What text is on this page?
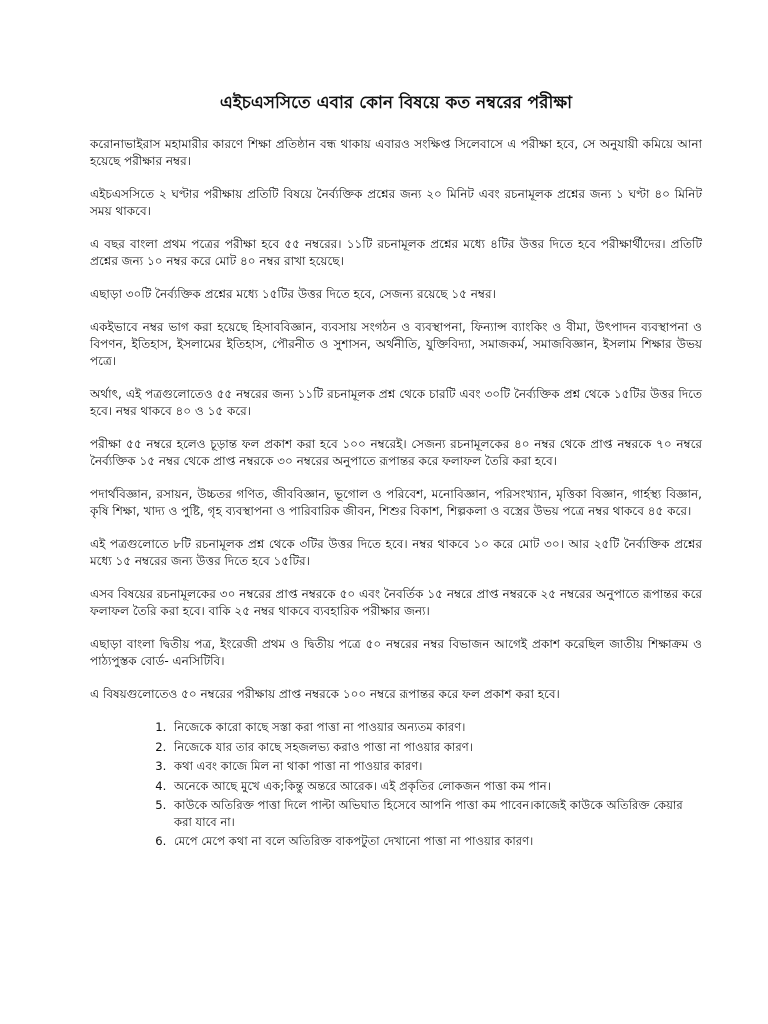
এইচএসসিতে এবার কোন বিষয়ে কত নম্বরের পরীক্ষা

করোনাভাইরাস মহামারীর কারণে শিক্ষা প্রতিষ্ঠান বন্ধ থাকায় এবারও সংক্ষিপ্ত সিলেবাসে এ পরীক্ষা হবে, সে অনুযায়ী কমিয়ে আনা হয়েছে পরীক্ষার নম্বর।

এইচএসসিতে ২ ঘণ্টার পরীক্ষায় প্রতিটি বিষয়ে নৈর্ব্যক্তিক প্রশ্নের জন্য ২০ মিনিট এবং রচনামূলক প্রশ্নের জন্য ১ ঘণ্টা ৪০ মিনিট সময় থাকবে।

এ বছর বাংলা প্রথম পত্রের পরীক্ষা হবে ৫৫ নম্বরের। ১১টি রচনামূলক প্রশ্নের মধ্যে ৪টির উত্তর দিতে হবে পরীক্ষার্থীদের। প্রতিটি প্রশ্নের জন্য ১০ নম্বর করে মোট ৪০ নম্বর রাখা হয়েছে।

এছাড়া ৩০টি নৈর্ব্যক্তিক প্রশ্নের মধ্যে ১৫টির উত্তর দিতে হবে, সেজন্য রয়েছে ১৫ নম্বর।

একইভাবে নম্বর ভাগ করা হয়েছে হিসাববিজ্ঞান, ব্যবসায় সংগঠন ও ব্যবস্থাপনা, ফিন্যান্স ব্যাংকিং ও বীমা, উৎপাদন ব্যবস্থাপনা ও বিপণন, ইতিহাস, ইসলামের ইতিহাস, পৌরনীত ও সুশাসন, অর্থনীতি, যুক্তিবিদ্যা, সমাজকর্ম, সমাজবিজ্ঞান, ইসলাম শিক্ষার উভয় পত্রে।

অর্থাৎ, এই পত্রগুলোতেও ৫৫ নম্বরের জন্য ১১টি রচনামূলক প্রশ্ন থেকে চারটি এবং ৩০টি নৈর্ব্যক্তিক প্রশ্ন থেকে ১৫টির উত্তর দিতে হবে। নম্বর থাকবে ৪০ ও ১৫ করে।

পরীক্ষা ৫৫ নম্বরে হলেও চূড়ান্ত ফল প্রকাশ করা হবে ১০০ নম্বরেই। সেজন্য রচনামূলকের ৪০ নম্বর থেকে প্রাপ্ত নম্বরকে ৭০ নম্বরে নৈর্ব্যক্তিক ১৫ নম্বর থেকে প্রাপ্ত নম্বরকে ৩০ নম্বরের অনুপাতে রূপান্তর করে ফলাফল তৈরি করা হবে।

পদার্থবিজ্ঞান, রসায়ন, উচ্চতর গণিত, জীববিজ্ঞান, ভূগোল ও পরিবেশ, মনোবিজ্ঞান, পরিসংখ্যান, মৃত্তিকা বিজ্ঞান, গার্হস্থ্য বিজ্ঞান, কৃষি শিক্ষা, খাদ্য ও পুষ্টি, গৃহ ব্যবস্থাপনা ও পারিবারিক জীবন, শিশুর বিকাশ, শিল্পকলা ও বস্ত্রের উভয় পত্রে নম্বর থাকবে ৪৫ করে।

এই পত্রগুলোতে ৮টি রচনামূলক প্রশ্ন থেকে ৩টির উত্তর দিতে হবে। নম্বর থাকবে ১০ করে মোট ৩০। আর ২৫টি নৈর্ব্যক্তিক প্রশ্নের মধ্যে ১৫ নম্বরের জন্য উত্তর দিতে হবে ১৫টির।

এসব বিষয়ের রচনামূলকের ৩০ নম্বরের প্রাপ্ত নম্বরকে ৫০ এবং নৈবর্তিক ১৫ নম্বরে প্রাপ্ত নম্বরকে ২৫ নম্বরের অনুপাতে রূপান্তর করে ফলাফল তৈরি করা হবে। বাকি ২৫ নম্বর থাকবে ব্যবহারিক পরীক্ষার জন্য।

এছাড়া বাংলা দ্বিতীয় পত্র, ইংরেজী প্রথম ও দ্বিতীয় পত্রে ৫০ নম্বরের নম্বর বিভাজন আগেই প্রকাশ করেছিল জাতীয় শিক্ষাক্রম ও পাঠ্যপুস্তক বোর্ড- এনসিটিবি।

এ বিষয়গুলোতেও ৫০ নম্বরের পরীক্ষায় প্রাপ্ত নম্বরকে ১০০ নম্বরে রূপান্তর করে ফল প্রকাশ করা হবে।

1. নিজেকে কারো কাছে সস্তা করা পাত্তা না পাওয়ার অন্যতম কারণ।
2. নিজেকে যার তার কাছে সহজলভ্য করাও পাত্তা না পাওয়ার কারণ।
3. কথা এবং কাজে মিল না থাকা পাত্তা না পাওয়ার কারণ।
4. অনেকে আছে মুখে এক;কিন্তু অন্তরে আরেক। এই প্রকৃতির লোকজন পাত্তা কম পান।
5. কাউকে অতিরিক্ত পাত্তা দিলে পাল্টা অভিঘাত হিসেবে আপনি পাত্তা কম পাবেন।কাজেই কাউকে অতিরিক্ত কেয়ার করা যাবে না।
6. মেপে মেপে কথা না বলে অতিরিক্ত বাকপটুতা দেখানো পাত্তা না পাওয়ার কারণ।
